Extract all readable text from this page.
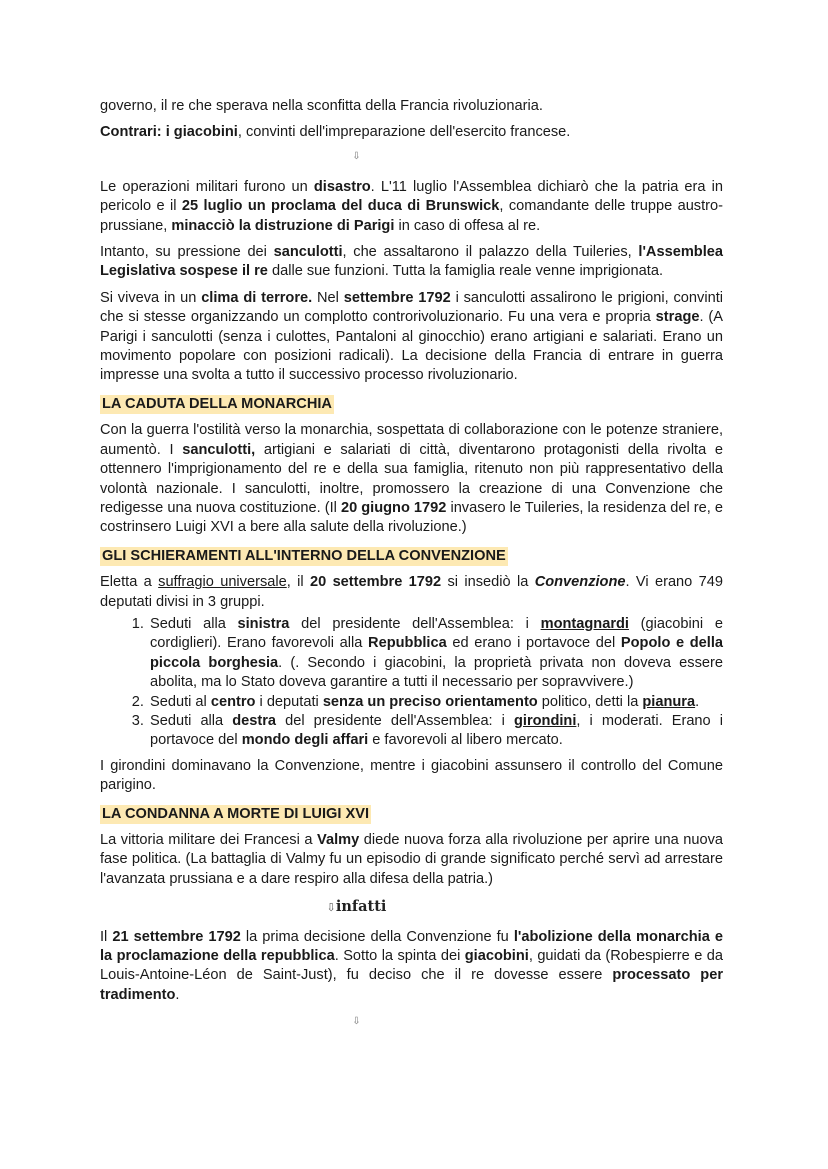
governo, il re che sperava nella sconfitta della Francia rivoluzionaria.

Contrari: i giacobini, convinti dell'impreparazione dell'esercito francese.

⇩

Le operazioni militari furono un disastro. L'11 luglio l'Assemblea dichiarò che la patria era in pericolo e il 25 luglio un proclama del duca di Brunswick, comandante delle truppe austro-prussiane, minacciò la distruzione di Parigi in caso di offesa al re.

Intanto, su pressione dei sanculotti, che assaltarono il palazzo della Tuileries, l'Assemblea Legislativa sospese il re dalle sue funzioni. Tutta la famiglia reale venne imprigionata.

Si viveva in un clima di terrore. Nel settembre 1792 i sanculotti assalirono le prigioni, convinti che si stesse organizzando un complotto controrivoluzionario. Fu una vera e propria strage. (A Parigi i sanculotti (senza i culottes, Pantaloni al ginocchio) erano artigiani e salariati. Erano un movimento popolare con posizioni radicali). La decisione della Francia di entrare in guerra impresse una svolta a tutto il successivo processo rivoluzionario.

LA CADUTA DELLA MONARCHIA

Con la guerra l'ostilità verso la monarchia, sospettata di collaborazione con le potenze straniere, aumentò. I sanculotti, artigiani e salariati di città, diventarono protagonisti della rivolta e ottennero l'imprigionamento del re e della sua famiglia, ritenuto non più rappresentativo della volontà nazionale. I sanculotti, inoltre, promossero la creazione di una Convenzione che redigesse una nuova costituzione. (Il 20 giugno 1792 invasero le Tuileries, la residenza del re, e costrinsero Luigi XVI a bere alla salute della rivoluzione.)

GLI SCHIERAMENTI ALL'INTERNO DELLA CONVENZIONE

Eletta a suffragio universale, il 20 settembre 1792 si insediò la Convenzione. Vi erano 749 deputati divisi in 3 gruppi.

1. Seduti alla sinistra del presidente dell'Assemblea: i montagnardi (giacobini e cordiglieri). Erano favorevoli alla Repubblica ed erano i portavoce del Popolo e della piccola borghesia. (. Secondo i giacobini, la proprietà privata non doveva essere abolita, ma lo Stato doveva garantire a tutti il necessario per sopravvivere.)
2. Seduti al centro i deputati senza un preciso orientamento politico, detti la pianura.
3. Seduti alla destra del presidente dell'Assemblea: i girondini, i moderati. Erano i portavoce del mondo degli affari e favorevoli al libero mercato.

I girondini dominavano la Convenzione, mentre i giacobini assunsero il controllo del Comune parigino.

LA CONDANNA A MORTE DI LUIGI XVI

La vittoria militare dei Francesi a Valmy diede nuova forza alla rivoluzione per aprire una nuova fase politica. (La battaglia di Valmy fu un episodio di grande significato perché servì ad arrestare l'avanzata prussiana e a dare respiro alla difesa della patria.)

⇩infatti

Il 21 settembre 1792 la prima decisione della Convenzione fu l'abolizione della monarchia e la proclamazione della repubblica. Sotto la spinta dei giacobini, guidati da (Robespierre e da Louis-Antoine-Léon de Saint-Just), fu deciso che il re dovesse essere processato per tradimento.

⇩
